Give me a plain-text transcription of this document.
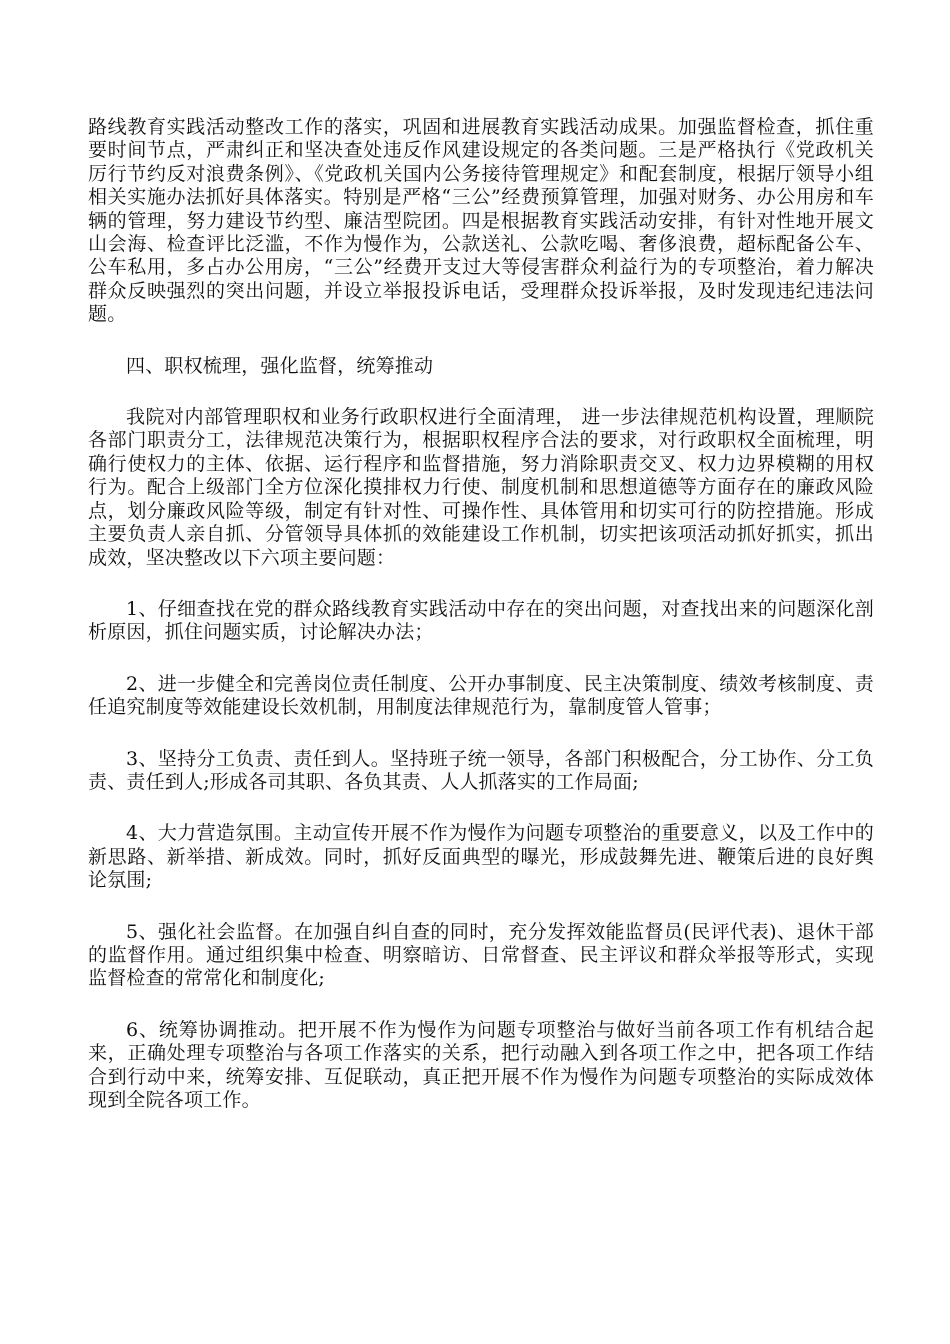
路线教育实践活动整改工作的落实，巩固和进展教育实践活动成果。加强监督检查，抓住重要时间节点，严肃纠正和坚决查处违反作风建设规定的各类问题。三是严格执行《党政机关厉行节约反对浪费条例》、《党政机关国内公务接待管理规定》和配套制度，根据厅领导小组相关实施办法抓好具体落实。特别是严格“三公”经费预算管理，加强对财务、办公用房和车辆的管理，努力建设节约型、廉洁型院团。四是根据教育实践活动安排，有针对性地开展文山会海、检查评比泛滥，不作为慢作为，公款送礼、公款吃喝、奢侈浪费，超标配备公车、公车私用，多占办公用房，“三公”经费开支过大等侵害群众利益行为的专项整治，着力解决群众反映强烈的突出问题，并设立举报投诉电话，受理群众投诉举报，及时发现违纪违法问题。

四、职权梳理，强化监督，统筹推动

我院对内部管理职权和业务行政职权进行全面清理， 进一步法律规范机构设置，理顺院各部门职责分工，法律规范决策行为，根据职权程序合法的要求，对行政职权全面梳理，明确行使权力的主体、依据、运行程序和监督措施，努力消除职责交叉、权力边界模糊的用权行为。配合上级部门全方位深化摸排权力行使、制度机制和思想道德等方面存在的廉政风险点，划分廉政风险等级，制定有针对性、可操作性、具体管用和切实可行的防控措施。形成主要负责人亲自抓、分管领导具体抓的效能建设工作机制，切实把该项活动抓好抓实，抓出成效，坚决整改以下六项主要问题：

1、仔细查找在党的群众路线教育实践活动中存在的突出问题，对查找出来的问题深化剖析原因，抓住问题实质，讨论解决办法；

2、进一步健全和完善岗位责任制度、公开办事制度、民主决策制度、绩效考核制度、责任追究制度等效能建设长效机制，用制度法律规范行为，靠制度管人管事；

3、坚持分工负责、责任到人。坚持班子统一领导，各部门积极配合，分工协作、分工负责、责任到人;形成各司其职、各负其责、人人抓落实的工作局面;

4、大力营造氛围。主动宣传开展不作为慢作为问题专项整治的重要意义，以及工作中的新思路、新举措、新成效。同时，抓好反面典型的曝光，形成鼓舞先进、鞭策后进的良好舆论氛围;

5、强化社会监督。在加强自纠自查的同时，充分发挥效能监督员(民评代表)、退休干部的监督作用。通过组织集中检查、明察暗访、日常督查、民主评议和群众举报等形式，实现监督检查的常常化和制度化;

6、统筹协调推动。把开展不作为慢作为问题专项整治与做好当前各项工作有机结合起来，正确处理专项整治与各项工作落实的关系，把行动融入到各项工作之中，把各项工作结合到行动中来，统筹安排、互促联动，真正把开展不作为慢作为问题专项整治的实际成效体现到全院各项工作。
